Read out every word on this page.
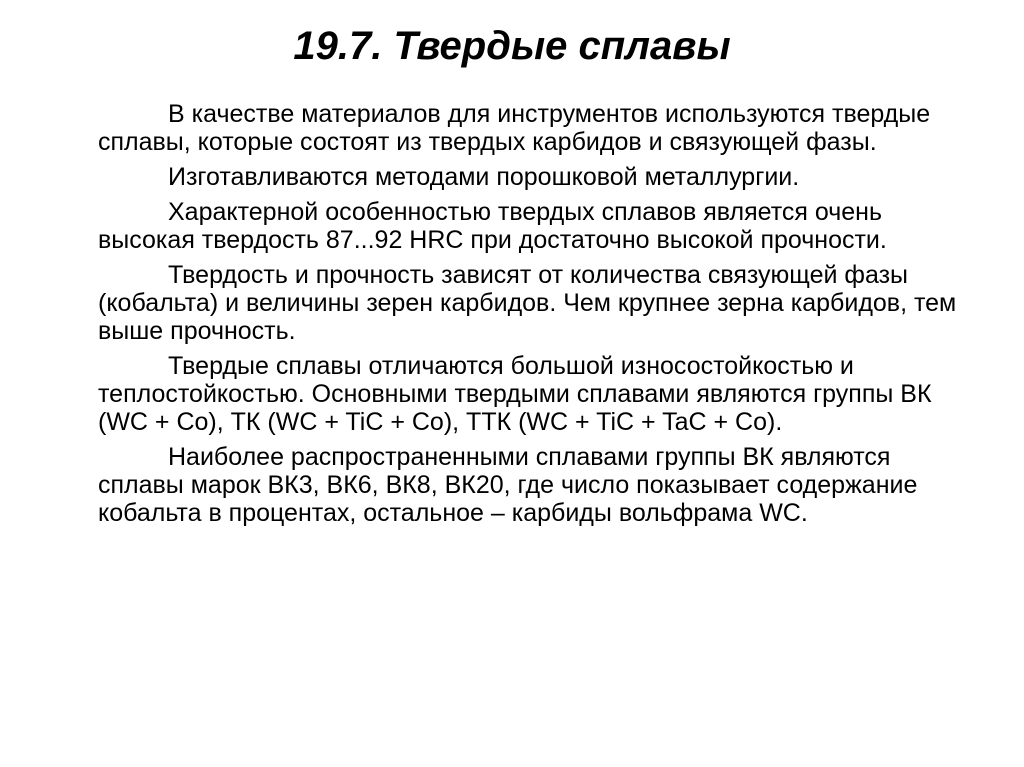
19.7. Твердые сплавы

В качестве материалов для инструментов используются твердые сплавы, которые состоят из твердых карбидов и связующей фазы.

Изготавливаются методами порошковой металлургии.

Характерной особенностью твердых сплавов является очень высокая твердость 87...92 HRC при достаточно высокой прочности.

Твердость и прочность зависят от количества связующей фазы (кобальта) и величины зерен карбидов. Чем крупнее зерна карбидов, тем выше прочность.

Твердые сплавы отличаются большой износостойкостью и теплостойкостью. Основными твердыми сплавами являются группы ВК (WC + Co), ТК (WC + TiC + Co), ТТК (WC + TiC + TaC + Co).

Наиболее распространенными сплавами группы ВК являются сплавы марок ВК3, ВК6, ВК8, ВК20, где число показывает содержание кобальта в процентах, остальное – карбиды вольфрама WC.
